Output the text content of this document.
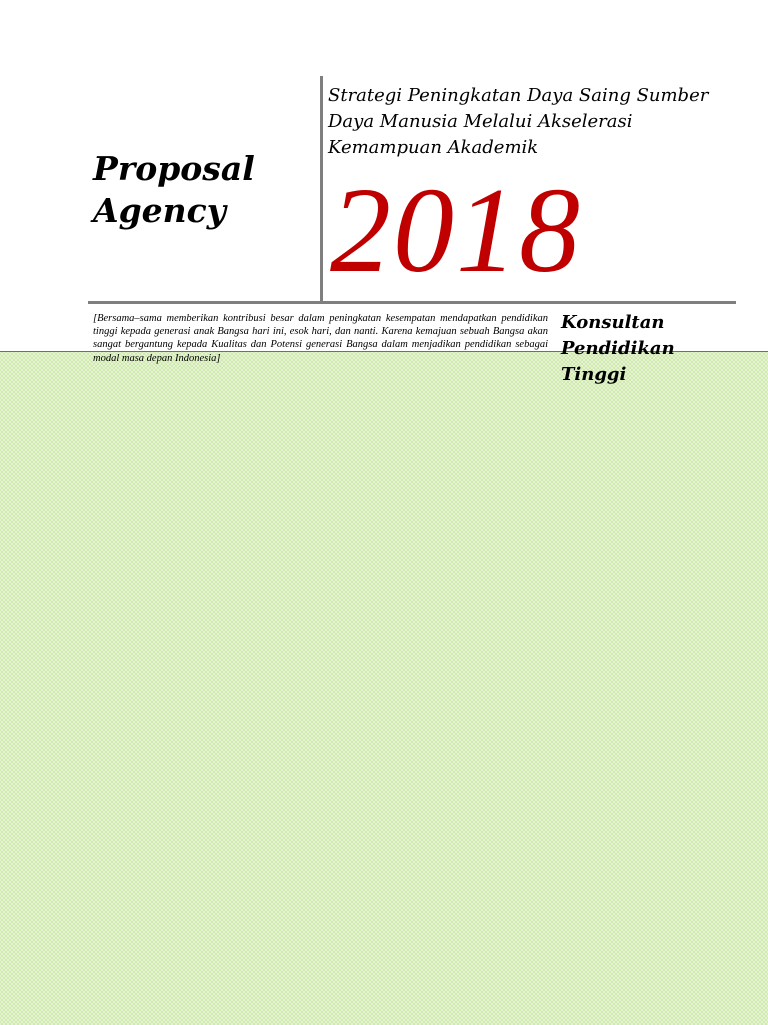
Proposal
Agency
Strategi Peningkatan Daya Saing Sumber
Daya Manusia Melalui Akselerasi
Kemampuan Akademik
2018
[Bersama–sama memberikan kontribusi besar dalam peningkatan kesempatan mendapatkan pendidikan tinggi kepada generasi anak Bangsa hari ini, esok hari, dan nanti. Karena kemajuan sebuah Bangsa akan sangat bergantung kepada Kualitas dan Potensi generasi Bangsa dalam menjadikan pendidikan sebagai modal masa depan Indonesia]
Konsultan
Pendidikan
Tinggi
